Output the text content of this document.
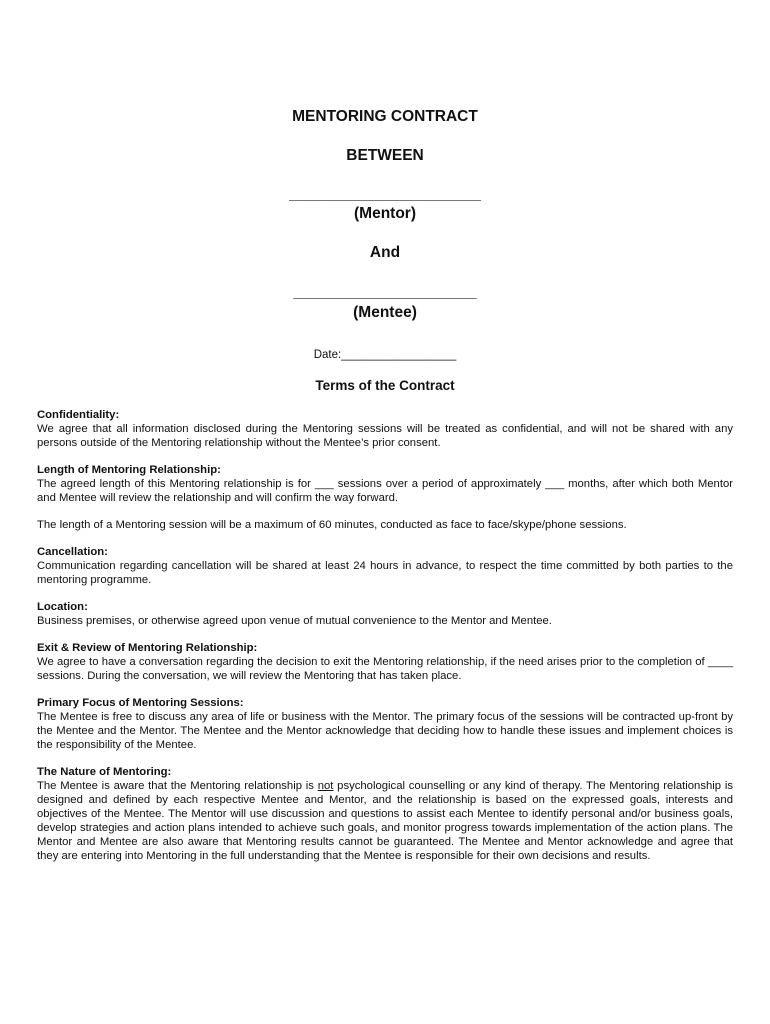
MENTORING CONTRACT
BETWEEN
_______________________
(Mentor)
And
______________________
(Mentee)
Date:__________________
Terms of the Contract
Confidentiality:

We agree that all information disclosed during the Mentoring sessions will be treated as confidential, and will not be shared with any persons outside of the Mentoring relationship without the Mentee’s prior consent.

Length of Mentoring Relationship:

The agreed length of this Mentoring relationship is for ___ sessions over a period of approximately ___ months, after which both Mentor and Mentee will review the relationship and will confirm the way forward.

The length of a Mentoring session will be a maximum of 60 minutes, conducted as face to face/skype/phone sessions.

Cancellation:

Communication regarding cancellation will be shared at least 24 hours in advance, to respect the time committed by both parties to the mentoring programme.

Location:

Business premises, or otherwise agreed upon venue of mutual convenience to the Mentor and Mentee.

Exit & Review of Mentoring Relationship:

We agree to have a conversation regarding the decision to exit the Mentoring relationship, if the need arises prior to the completion of ____ sessions. During the conversation, we will review the Mentoring that has taken place.

Primary Focus of Mentoring Sessions:

The Mentee is free to discuss any area of life or business with the Mentor. The primary focus of the sessions will be contracted up-front by the Mentee and the Mentor. The Mentee and the Mentor acknowledge that deciding how to handle these issues and implement choices is the responsibility of the Mentee.

The Nature of Mentoring:

The Mentee is aware that the Mentoring relationship is not psychological counselling or any kind of therapy. The Mentoring relationship is designed and defined by each respective Mentee and Mentor, and the relationship is based on the expressed goals, interests and objectives of the Mentee. The Mentor will use discussion and questions to assist each Mentee to identify personal and/or business goals, develop strategies and action plans intended to achieve such goals, and monitor progress towards implementation of the action plans. The Mentor and Mentee are also aware that Mentoring results cannot be guaranteed. The Mentee and Mentor acknowledge and agree that they are entering into Mentoring in the full understanding that the Mentee is responsible for their own decisions and results.
